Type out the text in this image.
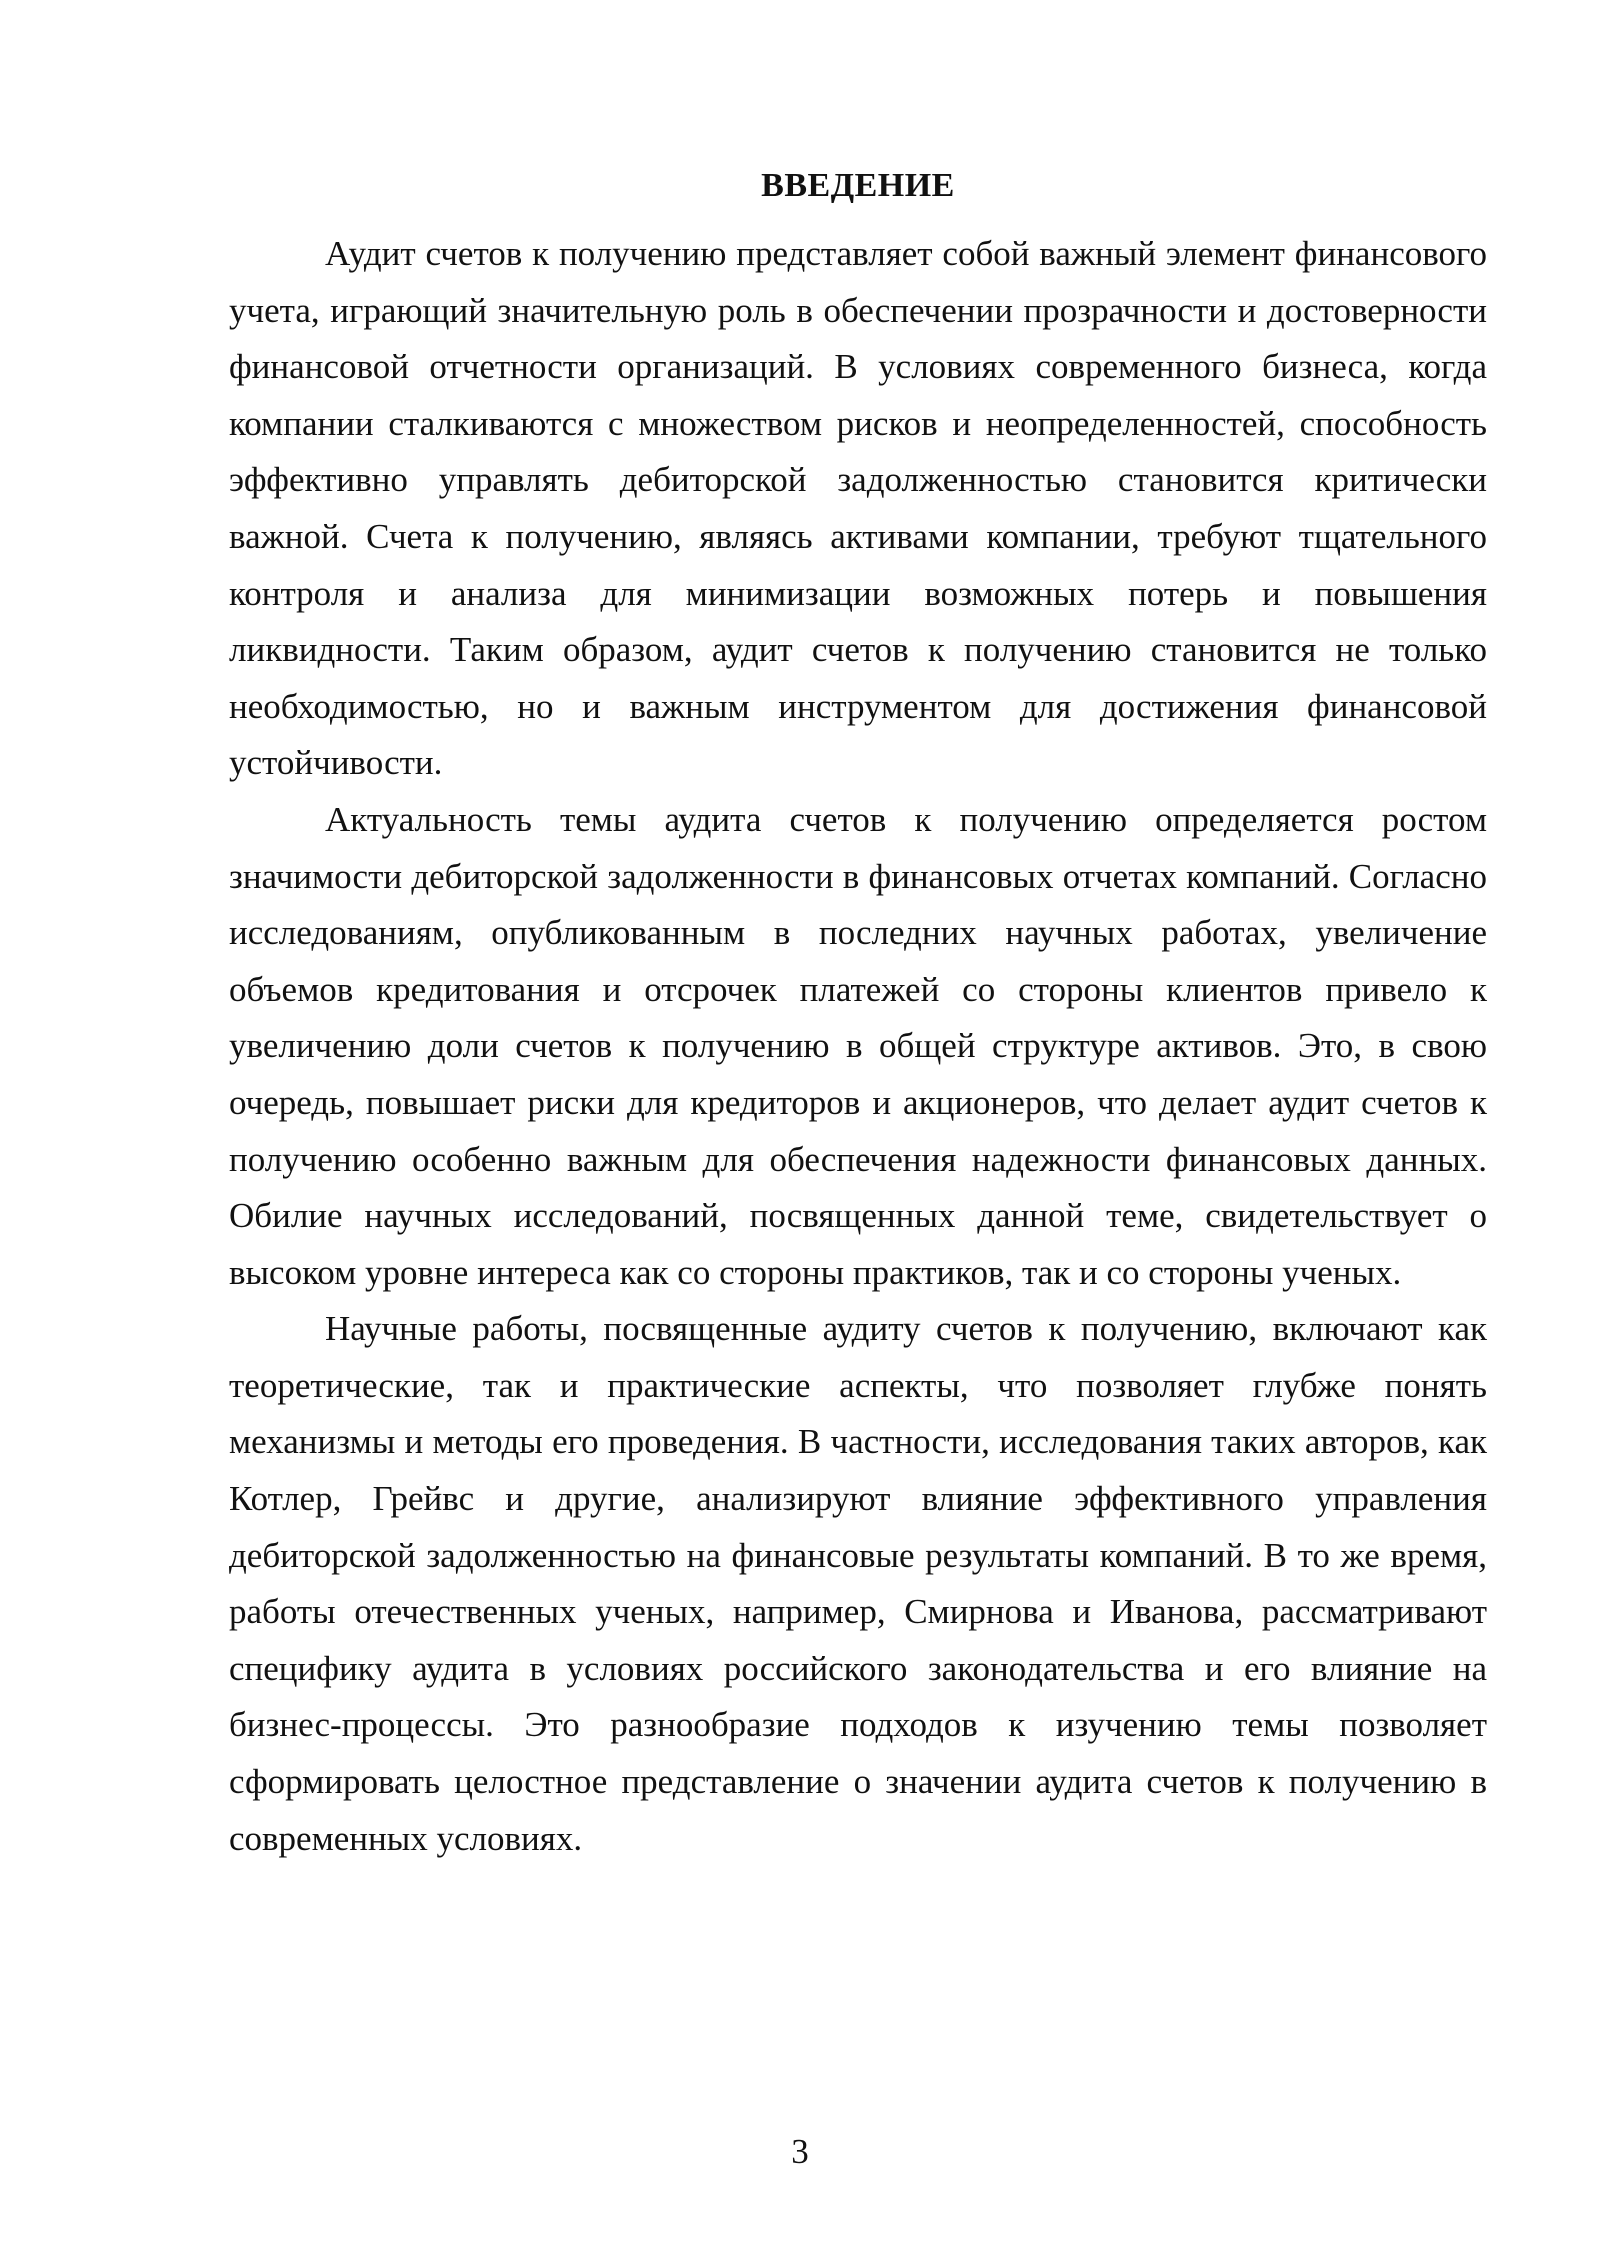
ВВЕДЕНИЕ

Аудит счетов к получению представляет собой важный элемент финансового учета, играющий значительную роль в обеспечении прозрачности и достоверности финансовой отчетности организаций. В условиях современного бизнеса, когда компании сталкиваются с множеством рисков и неопределенностей, способность эффективно управлять дебиторской задолженностью становится критически важной. Счета к получению, являясь активами компании, требуют тщательного контроля и анализа для минимизации возможных потерь и повышения ликвидности. Таким образом, аудит счетов к получению становится не только необходимостью, но и важным инструментом для достижения финансовой устойчивости.

Актуальность темы аудита счетов к получению определяется ростом значимости дебиторской задолженности в финансовых отчетах компаний. Согласно исследованиям, опубликованным в последних научных работах, увеличение объемов кредитования и отсрочек платежей со стороны клиентов привело к увеличению доли счетов к получению в общей структуре активов. Это, в свою очередь, повышает риски для кредиторов и акционеров, что делает аудит счетов к получению особенно важным для обеспечения надежности финансовых данных. Обилие научных исследований, посвященных данной теме, свидетельствует о высоком уровне интереса как со стороны практиков, так и со стороны ученых.

Научные работы, посвященные аудиту счетов к получению, включают как теоретические, так и практические аспекты, что позволяет глубже понять механизмы и методы его проведения. В частности, исследования таких авторов, как Котлер, Грейвс и другие, анализируют влияние эффективного управления дебиторской задолженностью на финансовые результаты компаний. В то же время, работы отечественных ученых, например, Смирнова и Иванова, рассматривают специфику аудита в условиях российского законодательства и его влияние на бизнес-процессы. Это разнообразие подходов к изучению темы позволяет сформировать целостное представление о значении аудита счетов к получению в современных условиях.

3
